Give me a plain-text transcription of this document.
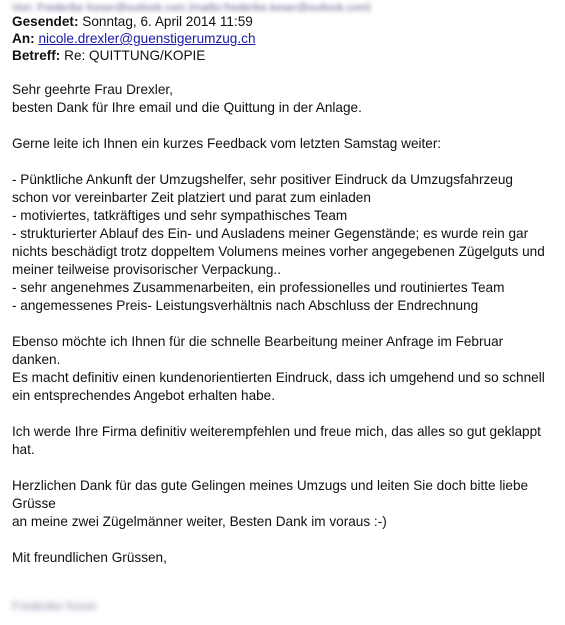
Von: Frederike Keser@outlook.com [mailto:frederike.keser@outlook.com]
Gesendet: Sonntag, 6. April 2014 11:59
An: nicole.drexler@guenstigerumzug.ch
Betreff: Re: QUITTUNG/KOPIE

Sehr geehrte Frau Drexler,

besten Dank für Ihre email und die Quittung in der Anlage.

Gerne leite ich Ihnen ein kurzes Feedback vom letzten Samstag weiter:

- Pünktliche Ankunft der Umzugshelfer, sehr positiver Eindruck da Umzugsfahrzeug

schon vor vereinbarter Zeit platziert und parat zum einladen

- motiviertes, tatkräftiges und sehr sympathisches Team

- strukturierter Ablauf des Ein- und Ausladens meiner Gegenstände; es wurde rein gar

nichts beschädigt trotz doppeltem Volumens meines vorher angegebenen Zügelguts und

meiner teilweise provisorischer Verpackung..

- sehr angenehmes Zusammenarbeiten, ein professionelles und routiniertes Team

- angemessenes Preis- Leistungsverhältnis nach Abschluss der Endrechnung

Ebenso möchte ich Ihnen für die schnelle Bearbeitung meiner Anfrage im Februar

danken.

Es macht definitiv einen kundenorientierten Eindruck, dass ich umgehend und so schnell

ein entsprechendes Angebot erhalten habe.

Ich werde Ihre Firma definitiv weiterempfehlen und freue mich, das alles so gut geklappt

hat.

Herzlichen Dank für das gute Gelingen meines Umzugs und leiten Sie doch bitte liebe

Grüsse

an meine zwei Zügelmänner weiter, Besten Dank im voraus :-)

Mit freundlichen Grüssen,

Frederike Keser
